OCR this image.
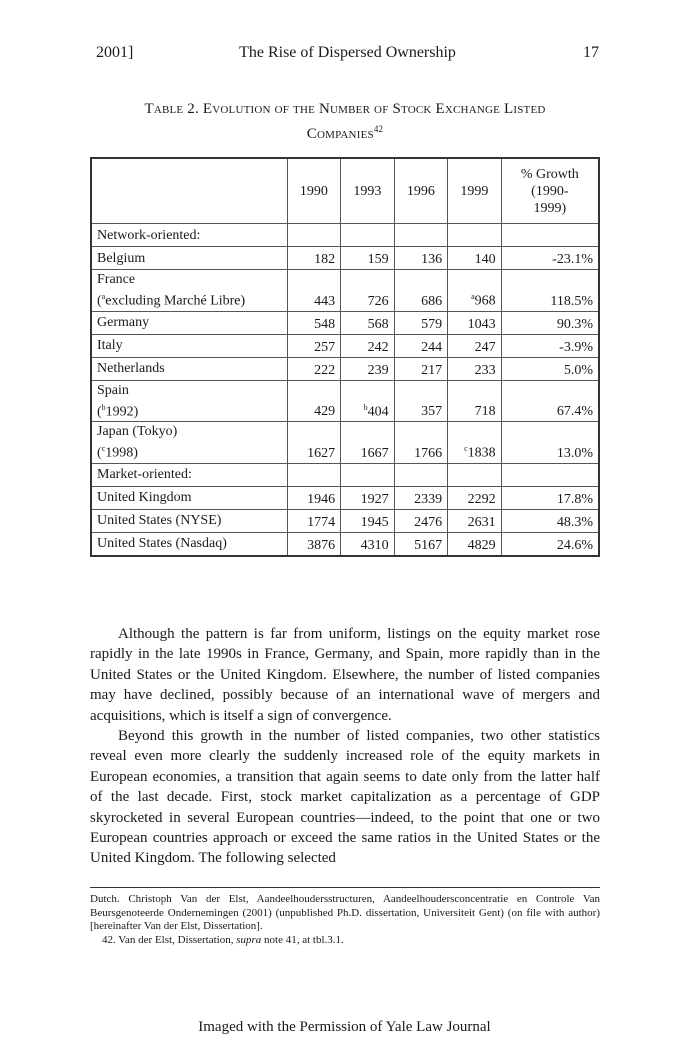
2001]	The Rise of Dispersed Ownership	17
Table 2. Evolution of the Number of Stock Exchange Listed
Companies$^{42}$
	1990	1993	1996	1999	% Growth
(1990-
1999)

Network-oriented:					
Belgium	182	159	136	140	-23.1%

France
($^a$excluding Marché Libre)	443	726	686	$^a$968	118.5%
Germany	548	568	579	1043	90.3%
Italy	257	242	244	247	-3.9%
Netherlands	222	239	217	233	5.0%

Spain
($^b$1992)	429	$^b$404	357	718	67.4%

Japan (Tokyo)
($^c$1998)	1627	1667	1766	$^c$1838	13.0%
Market-oriented:					
United Kingdom	1946	1927	2339	2292	17.8%
United States (NYSE)	1774	1945	2476	2631	48.3%
United States (Nasdaq)	3876	4310	5167	4829	24.6%

Although the pattern is far from uniform, listings on the equity market rose rapidly in the late 1990s in France, Germany, and Spain, more rapidly than in the United States or the United Kingdom. Elsewhere, the number of listed companies may have declined, possibly because of an international wave of mergers and acquisitions, which is itself a sign of convergence.

Beyond this growth in the number of listed companies, two other statistics reveal even more clearly the suddenly increased role of the equity markets in European economies, a transition that again seems to date only from the latter half of the last decade. First, stock market capitalization as a percentage of GDP skyrocketed in several European countries—indeed, to the point that one or two European countries approach or exceed the same ratios in the United States or the United Kingdom. The following selected

Dutch. Christoph Van der Elst, Aandeelhoudersstructuren, Aandeelhoudersconcentratie en Controle Van Beursgenoteerde Ondernemingen (2001) (unpublished Ph.D. dissertation, Universiteit Gent) (on file with author) [hereinafter Van der Elst, Dissertation].

42. Van der Elst, Dissertation, supra note 41, at tbl.3.1.

Imaged with the Permission of Yale Law Journal
